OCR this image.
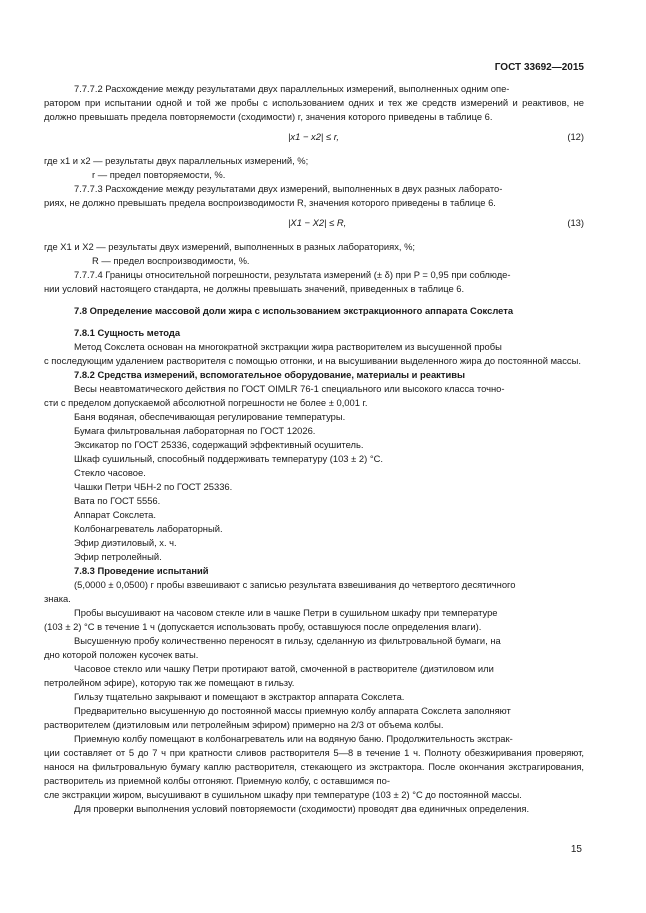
ГОСТ 33692—2015

7.7.7.2 Расхождение между результатами двух параллельных измерений, выполненных одним опе-

ратором при испытании одной и той же пробы с использованием одних и тех же средств измерений и реактивов, не должно превышать предела повторяемости (сходимости) r, значения которого приведены в таблице 6.

|x1 − x2| ≤ r,	(12)

где x1 и x2 — результаты двух параллельных измерений, %;

r — предел повторяемости, %.

7.7.7.3 Расхождение между результатами двух измерений, выполненных в двух разных лаборато-

риях, не должно превышать предела воспроизводимости R, значения которого приведены в таблице 6.

|X1 − X2| ≤ R,	(13)

где X1 и X2 — результаты двух измерений, выполненных в разных лабораториях, %;

R — предел воспроизводимости, %.

7.7.7.4 Границы относительной погрешности, результата измерений (± δ) при P = 0,95 при соблюде-

нии условий настоящего стандарта, не должны превышать значений, приведенных в таблице 6.

7.8 Определение массовой доли жира с использованием экстракционного аппарата Сокслета

7.8.1 Сущность метода

Метод Сокслета основан на многократной экстракции жира растворителем из высушенной пробы

с последующим удалением растворителя с помощью отгонки, и на высушивании выделенного жира до постоянной массы.

7.8.2 Средства измерений, вспомогательное оборудование, материалы и реактивы

Весы неавтоматического действия по ГОСТ OIMLR 76-1 специального или высокого класса точно-

сти с пределом допускаемой абсолютной погрешности не более ± 0,001 г.

Баня водяная, обеспечивающая регулирование температуры.

Бумага фильтровальная лабораторная по ГОСТ 12026.

Эксикатор по ГОСТ 25336, содержащий эффективный осушитель.

Шкаф сушильный, способный поддерживать температуру (103 ± 2) °С.

Стекло часовое.

Чашки Петри ЧБН-2 по ГОСТ 25336.

Вата по ГОСТ 5556.

Аппарат Сокслета.

Колбонагреватель лабораторный.

Эфир диэтиловый, х. ч.

Эфир петролейный.

7.8.3 Проведение испытаний

(5,0000 ± 0,0500) г пробы взвешивают с записью результата взвешивания до четвертого десятичного

знака.

Пробы высушивают на часовом стекле или в чашке Петри в сушильном шкафу при температуре

(103 ± 2) °С в течение 1 ч (допускается использовать пробу, оставшуюся после определения влаги).

Высушенную пробу количественно переносят в гильзу, сделанную из фильтровальной бумаги, на

дно которой положен кусочек ваты.

Часовое стекло или чашку Петри протирают ватой, смоченной в растворителе (диэтиловом или

петролейном эфире), которую так же помещают в гильзу.

Гильзу тщательно закрывают и помещают в экстрактор аппарата Сокслета.

Предварительно высушенную до постоянной массы приемную колбу аппарата Сокслета заполняют

растворителем (диэтиловым или петролейным эфиром) примерно на 2/3 от объема колбы.

Приемную колбу помещают в колбонагреватель или на водяную баню. Продолжительность экстрак-

ции составляет от 5 до 7 ч при кратности сливов растворителя 5—8 в течение 1 ч. Полноту обезжиривания проверяют, нанося на фильтровальную бумагу каплю растворителя, стекающего из экстрактора. После окончания экстрагирования, растворитель из приемной колбы отгоняют. Приемную колбу, с оставшимся по-

сле экстракции жиром, высушивают в сушильном шкафу при температуре (103 ± 2) °С до постоянной массы.

Для проверки выполнения условий повторяемости (сходимости) проводят два единичных определения.

15
